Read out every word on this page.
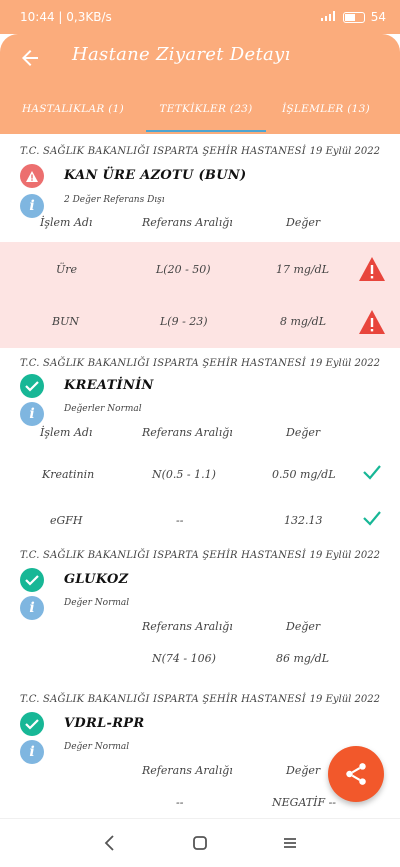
10:44 | 0,3KB/s	54
Hastane Ziyaret Detayı
HASTALIKLAR (1)	TETKİKLER (23)	İŞLEMLER (13)
T.C. SAĞLIK BAKANLIĞI ISPARTA ŞEHİR HASTANESİ 19 Eylül 2022
KAN ÜRE AZOTU (BUN)
i	2 Değer Referans Dışı
İşlem Adı	Referans Aralığı	Değer
Üre	L(20 - 50)	17 mg/dL
BUN	L(9 - 23)	8 mg/dL
T.C. SAĞLIK BAKANLIĞI ISPARTA ŞEHİR HASTANESİ 19 Eylül 2022
KREATİNİN
i	Değerler Normal
İşlem Adı	Referans Aralığı	Değer
Kreatinin	N(0.5 - 1.1)	0.50 mg/dL
eGFH	--	132.13
T.C. SAĞLIK BAKANLIĞI ISPARTA ŞEHİR HASTANESİ 19 Eylül 2022
GLUKOZ
i	Değer Normal
Referans Aralığı	Değer
N(74 - 106)	86 mg/dL
T.C. SAĞLIK BAKANLIĞI ISPARTA ŞEHİR HASTANESİ 19 Eylül 2022
VDRL-RPR
i	Değer Normal
Referans Aralığı	Değer
--	NEGATİF --
